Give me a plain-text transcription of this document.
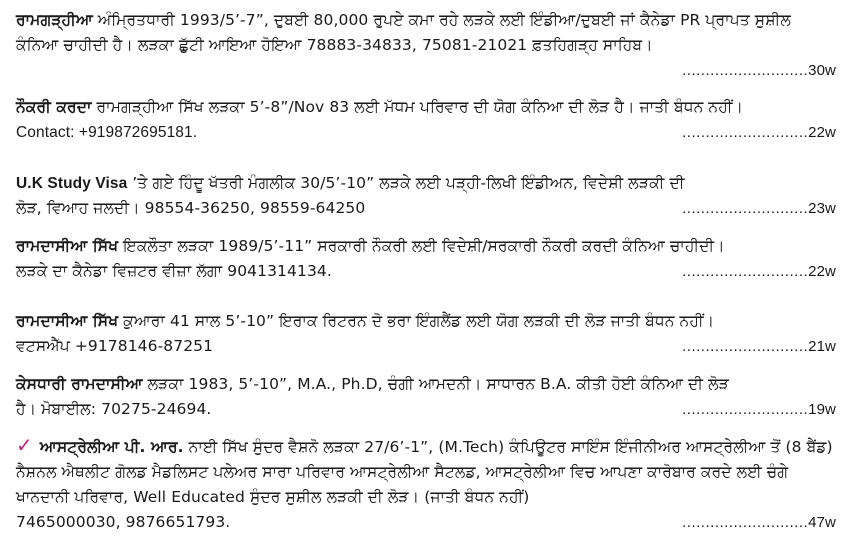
ਰਾਮਗੜ੍ਹੀਆ ਅੰਮ੍ਰਿਤਧਾਰੀ 1993/5’-7”, ਦੁਬਈ 80,000 ਰੁਪਏ ਕਮਾ ਰਹੇ ਲੜਕੇ ਲਈ ਇੰਡੀਆ/ਦੁਬਈ ਜਾਂ ਕੈਨੇਡਾ PR ਪ੍ਰਾਪਤ ਸੁਸ਼ੀਲ ਕੰਨਿਆ ਚਾਹੀਦੀ ਹੈ। ਲੜਕਾ ਛੁੱਟੀ ਆਇਆ ਹੋਇਆ 78883-34833, 75081-21021 ਫ਼ਤਹਿਗੜ੍ਹ ਸਾਹਿਬ।
...........................30w
ਨੌਕਰੀ ਕਰਦਾ ਰਾਮਗੜ੍ਹੀਆ ਸਿੱਖ ਲੜਕਾ 5’-8”/Nov 83 ਲਈ ਮੱਧਮ ਪਰਿਵਾਰ ਦੀ ਯੋਗ ਕੰਨਿਆ ਦੀ ਲੋੜ ਹੈ। ਜਾਤੀ ਬੰਧਨ ਨਹੀਂ।
Contact: +919872695181.	...........................22w
U.K Study Visa ’ਤੇ ਗਏ ਹਿੰਦੂ ਖੱਤਰੀ ਮੰਗਲੀਕ 30/5’-10” ਲੜਕੇ ਲਈ ਪੜ੍ਹੀ-ਲਿਖੀ ਇੰਡੀਅਨ, ਵਿਦੇਸ਼ੀ ਲੜਕੀ ਦੀ
ਲੋੜ, ਵਿਆਹ ਜਲਦੀ। 98554-36250, 98559-64250	...........................23w
ਰਾਮਦਾਸੀਆ ਸਿੱਖ ਇਕਲੌਤਾ ਲੜਕਾ 1989/5’-11” ਸਰਕਾਰੀ ਨੌਕਰੀ ਲਈ ਵਿਦੇਸ਼ੀ/ਸਰਕਾਰੀ ਨੌਕਰੀ ਕਰਦੀ ਕੰਨਿਆ ਚਾਹੀਦੀ।
ਲੜਕੇ ਦਾ ਕੈਨੇਡਾ ਵਿਜ਼ਟਰ ਵੀਜ਼ਾ ਲੱਗਾ 9041314134.	...........................22w
ਰਾਮਦਾਸੀਆ ਸਿੱਖ ਕੁਆਰਾ 41 ਸਾਲ 5’-10” ਇਰਾਕ ਰਿਟਰਨ ਦੋ ਭਰਾ ਇੰਗਲੈਂਡ ਲਈ ਯੋਗ ਲੜਕੀ ਦੀ ਲੋੜ ਜਾਤੀ ਬੰਧਨ ਨਹੀਂ।
ਵਟਸਐੱਪ +9178146-87251	...........................21w
ਕੇਸਧਾਰੀ ਰਾਮਦਾਸੀਆ ਲੜਕਾ 1983, 5’-10”, M.A., Ph.D, ਚੰਗੀ ਆਮਦਨੀ। ਸਾਧਾਰਨ B.A. ਕੀਤੀ ਹੋਈ ਕੰਨਿਆ ਦੀ ਲੋੜ
ਹੈ। ਮੋਬਾਈਲ: 70275-24694.	...........................19w
✓ ਆਸਟ੍ਰੇਲੀਆ ਪੀ. ਆਰ. ਨਾਈ ਸਿੱਖ ਸੁੰਦਰ ਵੈਸ਼ਨੋ ਲੜਕਾ 27/6’-1”, (M.Tech) ਕੰਪਿਊਟਰ ਸਾਇੰਸ ਇੰਜੀਨੀਅਰ ਆਸਟ੍ਰੇਲੀਆ ਤੋਂ (8 ਬੈਂਡ) ਨੈਸ਼ਨਲ ਐਥਲੀਟ ਗੋਲਡ ਮੈਡਲਿਸਟ ਪਲੇਅਰ ਸਾਰਾ ਪਰਿਵਾਰ ਆਸਟ੍ਰੇਲੀਆ ਸੈਟਲਡ, ਆਸਟ੍ਰੇਲੀਆ ਵਿਚ ਆਪਣਾ ਕਾਰੋਬਾਰ ਕਰਦੇ ਲਈ ਚੰਗੇ ਖਾਨਦਾਨੀ ਪਰਿਵਾਰ, Well Educated ਸੁੰਦਰ ਸੁਸ਼ੀਲ ਲੜਕੀ ਦੀ ਲੋੜ। (ਜਾਤੀ ਬੰਧਨ ਨਹੀਂ)
7465000030, 9876651793.	...........................47w
